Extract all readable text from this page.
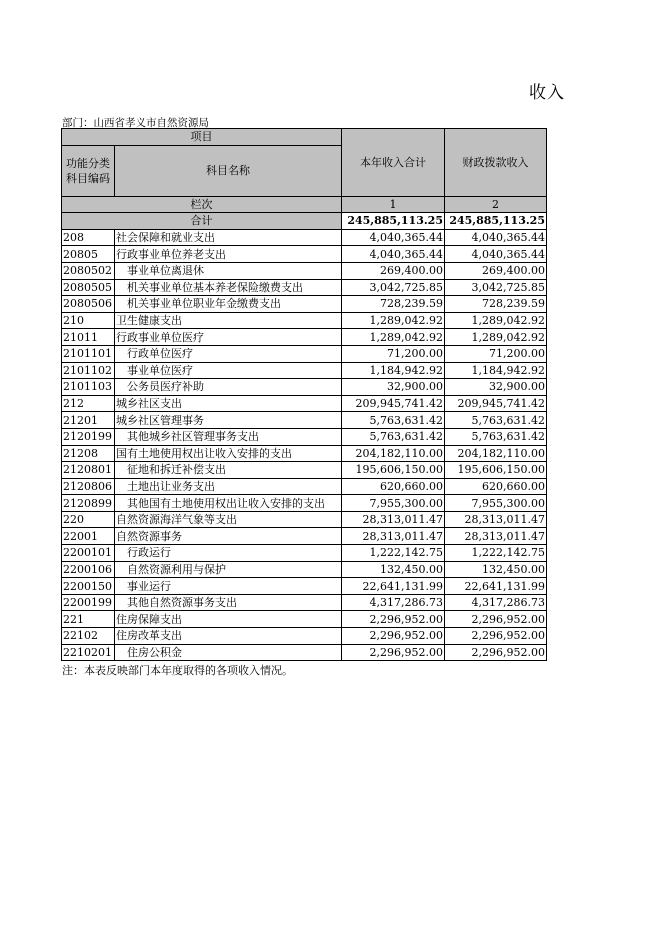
收入
部门：山西省孝义市自然资源局
项目		本年收入合计	财政拨款收入
功能分类科目编码	科目名称		
栏次		1	2
合计		245,885,113.25	245,885,113.25
208	社会保障和就业支出	4,040,365.44	4,040,365.44
20805	行政事业单位养老支出	4,040,365.44	4,040,365.44
2080502	事业单位离退休	269,400.00	269,400.00
2080505	机关事业单位基本养老保险缴费支出	3,042,725.85	3,042,725.85
2080506	机关事业单位职业年金缴费支出	728,239.59	728,239.59
210	卫生健康支出	1,289,042.92	1,289,042.92
21011	行政事业单位医疗	1,289,042.92	1,289,042.92
2101101	行政单位医疗	71,200.00	71,200.00
2101102	事业单位医疗	1,184,942.92	1,184,942.92
2101103	公务员医疗补助	32,900.00	32,900.00
212	城乡社区支出	209,945,741.42	209,945,741.42
21201	城乡社区管理事务	5,763,631.42	5,763,631.42
2120199	其他城乡社区管理事务支出	5,763,631.42	5,763,631.42
21208	国有土地使用权出让收入安排的支出	204,182,110.00	204,182,110.00
2120801	征地和拆迁补偿支出	195,606,150.00	195,606,150.00
2120806	土地出让业务支出	620,660.00	620,660.00
2120899	其他国有土地使用权出让收入安排的支出	7,955,300.00	7,955,300.00
220	自然资源海洋气象等支出	28,313,011.47	28,313,011.47
22001	自然资源事务	28,313,011.47	28,313,011.47
2200101	行政运行	1,222,142.75	1,222,142.75
2200106	自然资源利用与保护	132,450.00	132,450.00
2200150	事业运行	22,641,131.99	22,641,131.99
2200199	其他自然资源事务支出	4,317,286.73	4,317,286.73
221	住房保障支出	2,296,952.00	2,296,952.00
22102	住房改革支出	2,296,952.00	2,296,952.00
2210201	住房公积金	2,296,952.00	2,296,952.00
注：本表反映部门本年度取得的各项收入情况。
